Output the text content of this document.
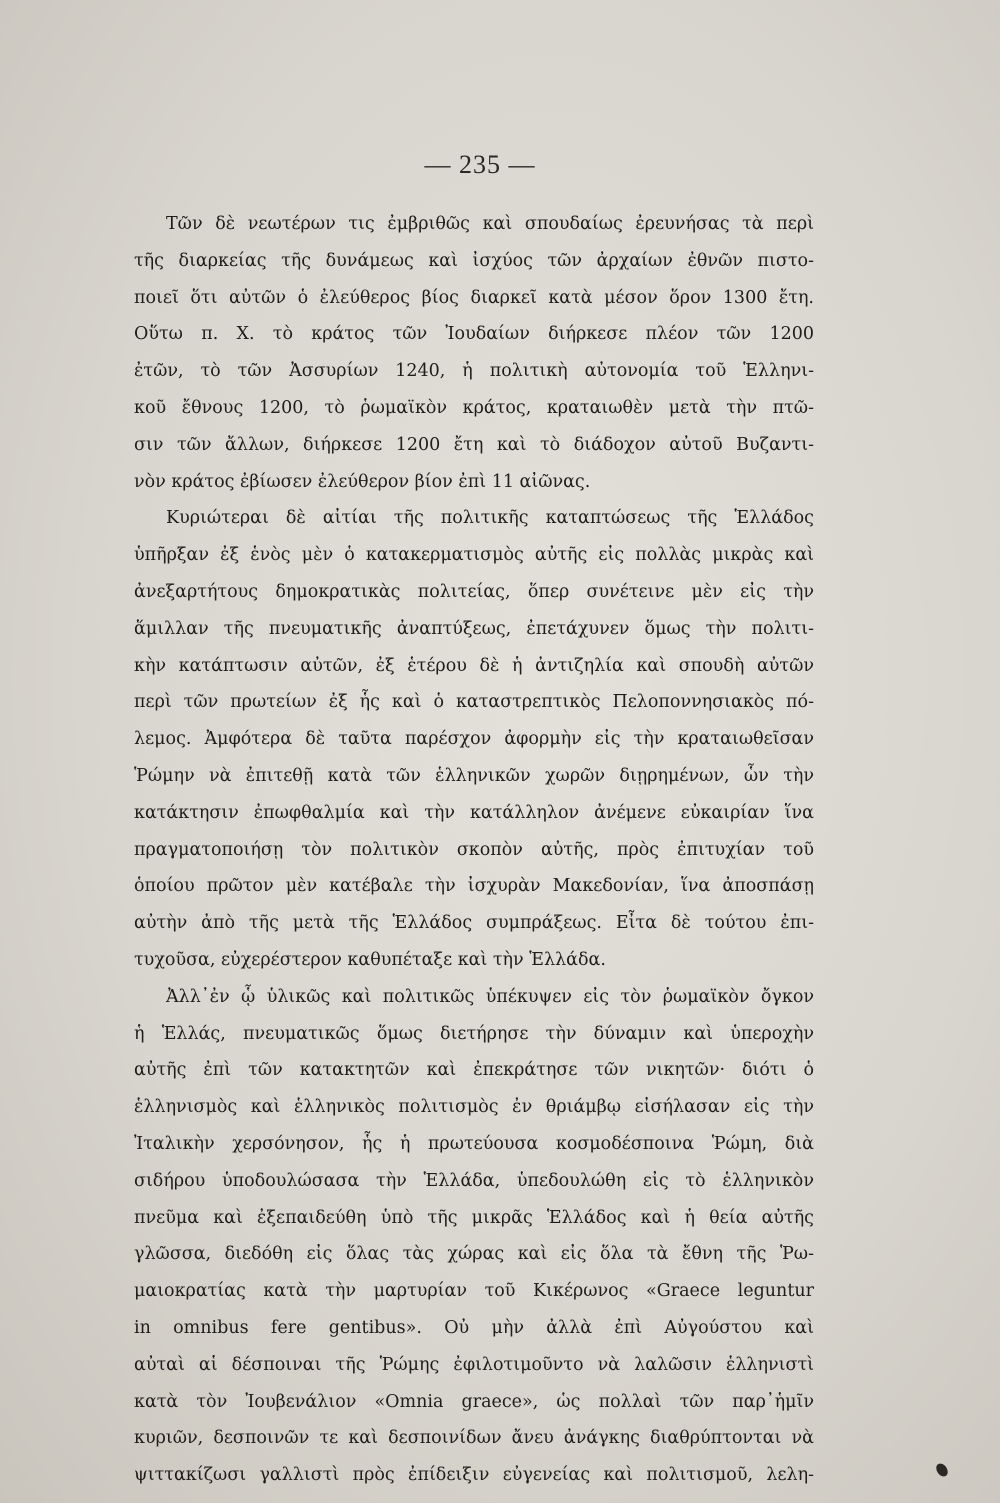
— 235 —
Τῶν δὲ νεωτέρων τις ἐμβριθῶς καὶ σπουδαίως ἐρευνήσας τὰ περὶ
τῆς διαρκείας τῆς δυνάμεως καὶ ἰσχύος τῶν ἀρχαίων ἐθνῶν πιστο-
ποιεῖ ὅτι αὐτῶν ὁ ἐλεύθερος βίος διαρκεῖ κατὰ μέσον ὅρον 1300 ἔτη.
Οὕτω π. Χ. τὸ κράτος τῶν Ἰουδαίων διήρκεσε πλέον τῶν 1200
ἐτῶν, τὸ τῶν Ἀσσυρίων 1240, ἡ πολιτικὴ αὐτονομία τοῦ Ἑλληνι-
κοῦ ἔθνους 1200, τὸ ῥωμαϊκὸν κράτος, κραταιωθὲν μετὰ τὴν πτῶ-
σιν τῶν ἄλλων, διήρκεσε 1200 ἔτη καὶ τὸ διάδοχον αὐτοῦ Βυζαντι-
νὸν κράτος ἐβίωσεν ἐλεύθερον βίον ἐπὶ 11 αἰῶνας.
Κυριώτεραι δὲ αἰτίαι τῆς πολιτικῆς καταπτώσεως τῆς Ἑλλάδος
ὑπῆρξαν ἐξ ἑνὸς μὲν ὁ κατακερματισμὸς αὐτῆς εἰς πολλὰς μικρὰς καὶ
ἀνεξαρτήτους δημοκρατικὰς πολιτείας, ὅπερ συνέτεινε μὲν εἰς τὴν
ἅμιλλαν τῆς πνευματικῆς ἀναπτύξεως, ἐπετάχυνεν ὅμως τὴν πολιτι-
κὴν κατάπτωσιν αὐτῶν, ἐξ ἑτέρου δὲ ἡ ἀντιζηλία καὶ σπουδὴ αὐτῶν
περὶ τῶν πρωτείων ἐξ ἧς καὶ ὁ καταστρεπτικὸς Πελοποννησιακὸς πό-
λεμος. Ἀμφότερα δὲ ταῦτα παρέσχον ἀφορμὴν εἰς τὴν κραταιωθεῖσαν
Ῥώμην νὰ ἐπιτεθῇ κατὰ τῶν ἑλληνικῶν χωρῶν διῃρημένων, ὧν τὴν
κατάκτησιν ἐπωφθαλμία καὶ τὴν κατάλληλον ἀνέμενε εὐκαιρίαν ἵνα
πραγματοποιήσῃ τὸν πολιτικὸν σκοπὸν αὐτῆς, πρὸς ἐπιτυχίαν τοῦ
ὁποίου πρῶτον μὲν κατέβαλε τὴν ἰσχυρὰν Μακεδονίαν, ἵνα ἀποσπάσῃ
αὐτὴν ἀπὸ τῆς μετὰ τῆς Ἑλλάδος συμπράξεως. Εἶτα δὲ τούτου ἐπι-
τυχοῦσα, εὐχερέστερον καθυπέταξε καὶ τὴν Ἑλλάδα.
Ἀλλ᾽ἐν ᾧ ὑλικῶς καὶ πολιτικῶς ὑπέκυψεν εἰς τὸν ῥωμαϊκὸν ὄγκον
ἡ Ἑλλάς, πνευματικῶς ὅμως διετήρησε τὴν δύναμιν καὶ ὑπεροχὴν
αὐτῆς ἐπὶ τῶν κατακτητῶν καὶ ἐπεκράτησε τῶν νικητῶν· διότι ὁ
ἑλληνισμὸς καὶ ἑλληνικὸς πολιτισμὸς ἐν θριάμβῳ εἰσήλασαν εἰς τὴν
Ἰταλικὴν χερσόνησον, ἧς ἡ πρωτεύουσα κοσμοδέσποινα Ῥώμη, διὰ
σιδήρου ὑποδουλώσασα τὴν Ἑλλάδα, ὑπεδουλώθη εἰς τὸ ἑλληνικὸν
πνεῦμα καὶ ἐξεπαιδεύθη ὑπὸ τῆς μικρᾶς Ἑλλάδος καὶ ἡ θεία αὐτῆς
γλῶσσα, διεδόθη εἰς ὅλας τὰς χώρας καὶ εἰς ὅλα τὰ ἔθνη τῆς Ῥω-
μαιοκρατίας κατὰ τὴν μαρτυρίαν τοῦ Κικέρωνος «Graece leguntur
in omnibus fere gentibus». Οὐ μὴν ἀλλὰ ἐπὶ Αὐγούστου καὶ
αὐταὶ αἱ δέσποιναι τῆς Ῥώμης ἐφιλοτιμοῦντο νὰ λαλῶσιν ἑλληνιστὶ
κατὰ τὸν Ἰουβενάλιον «Omnia graece», ὡς πολλαὶ τῶν παρ᾽ἡμῖν
κυριῶν, δεσποινῶν τε καὶ δεσποινίδων ἄνευ ἀνάγκης διαθρύπτονται νὰ
ψιττακίζωσι γαλλιστὶ πρὸς ἐπίδειξιν εὐγενείας καὶ πολιτισμοῦ, λελη-
